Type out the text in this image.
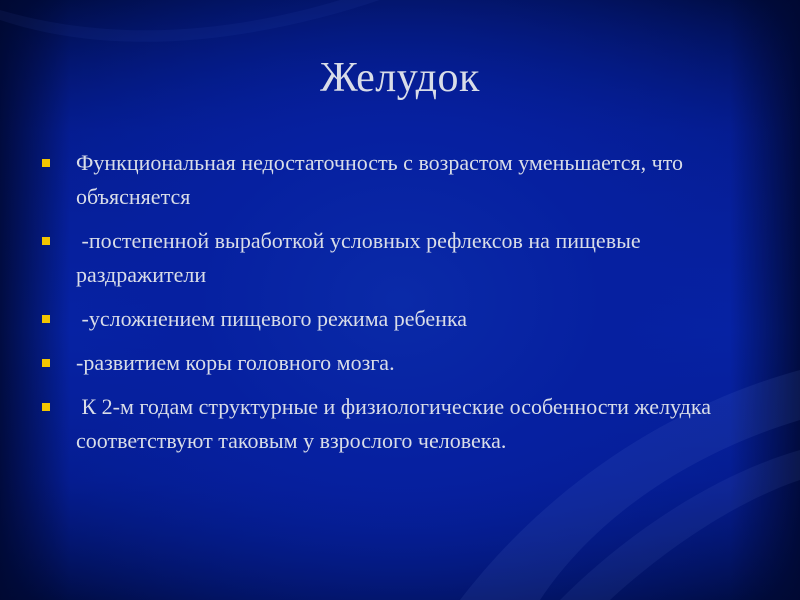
Желудок
Функциональная недостаточность с возрастом уменьшается, что объясняется
-постепенной выработкой условных рефлексов на пищевые раздражители
-усложнением пищевого режима ребенка
-развитием коры головного мозга.
К 2-м годам структурные и физиологические особенности желудка соответствуют таковым у взрослого человека.
